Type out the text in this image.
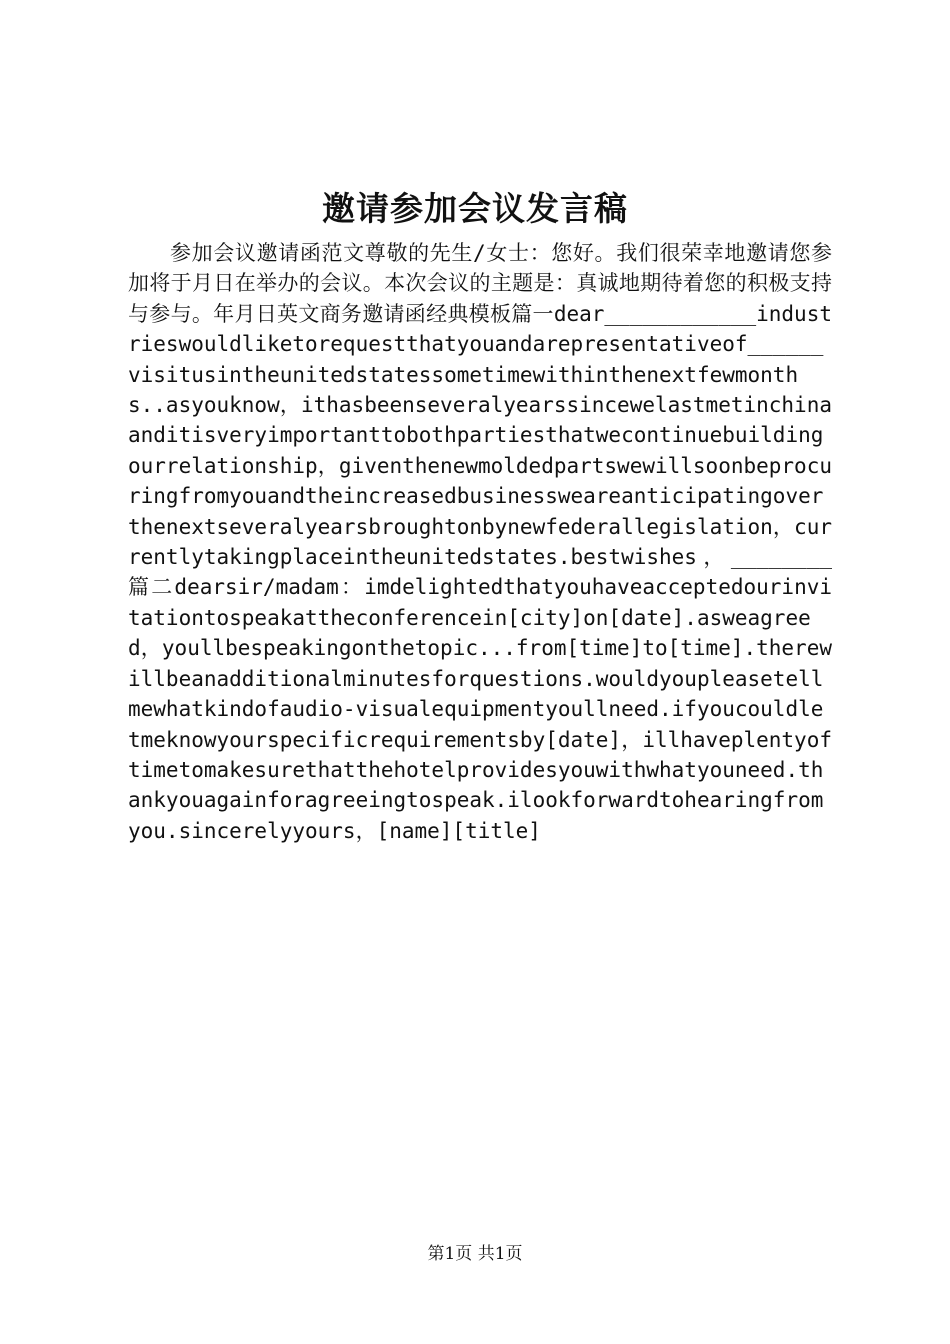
邀请参加会议发言稿

参加会议邀请函范文尊敬的先生/女士：您好。我们很荣幸地邀请您参加将于月日在举办的会议。本次会议的主题是：真诚地期待着您的积极支持与参与。年月日英文商务邀请函经典模板篇一dear____________industrieswouldliketorequestthatyouandarepresentativeof______visitusintheunitedstatessometimewithinthenextfewmonths..asyouknow，ithasbeenseveralyearssincewelastmetinchinaanditisveryimportanttobothpartiesthatwecontinuebuildingourrelationship，giventhenewmoldedpartswewillsoonbeprocuringfromyouandtheincreasedbusinessweareanticipatingoverthenextseveralyearsbroughtonbynewfederallegislation，currentlytakingplaceintheunitedstates.bestwishes，________篇二dearsir/madam：imdelightedthatyouhaveacceptedourinvitationtospeakattheconferencein[city]on[date].asweagreed，youllbespeakingonthetopic...from[time]to[time].therewillbeanadditionalminutesforquestions.wouldyoupleasetellmewhatkindofaudio-visualequipmentyoullneed.ifyoucouldletmeknowyourspecificrequirementsby[date]，illhaveplentyoftimetomakesurethatthehotelprovidesyouwithwhatyouneed.thankyouagainforagreeingtospeak.ilookforwardtohearingfromyou.sincerelyyours，[name][title]

第1页 共1页
